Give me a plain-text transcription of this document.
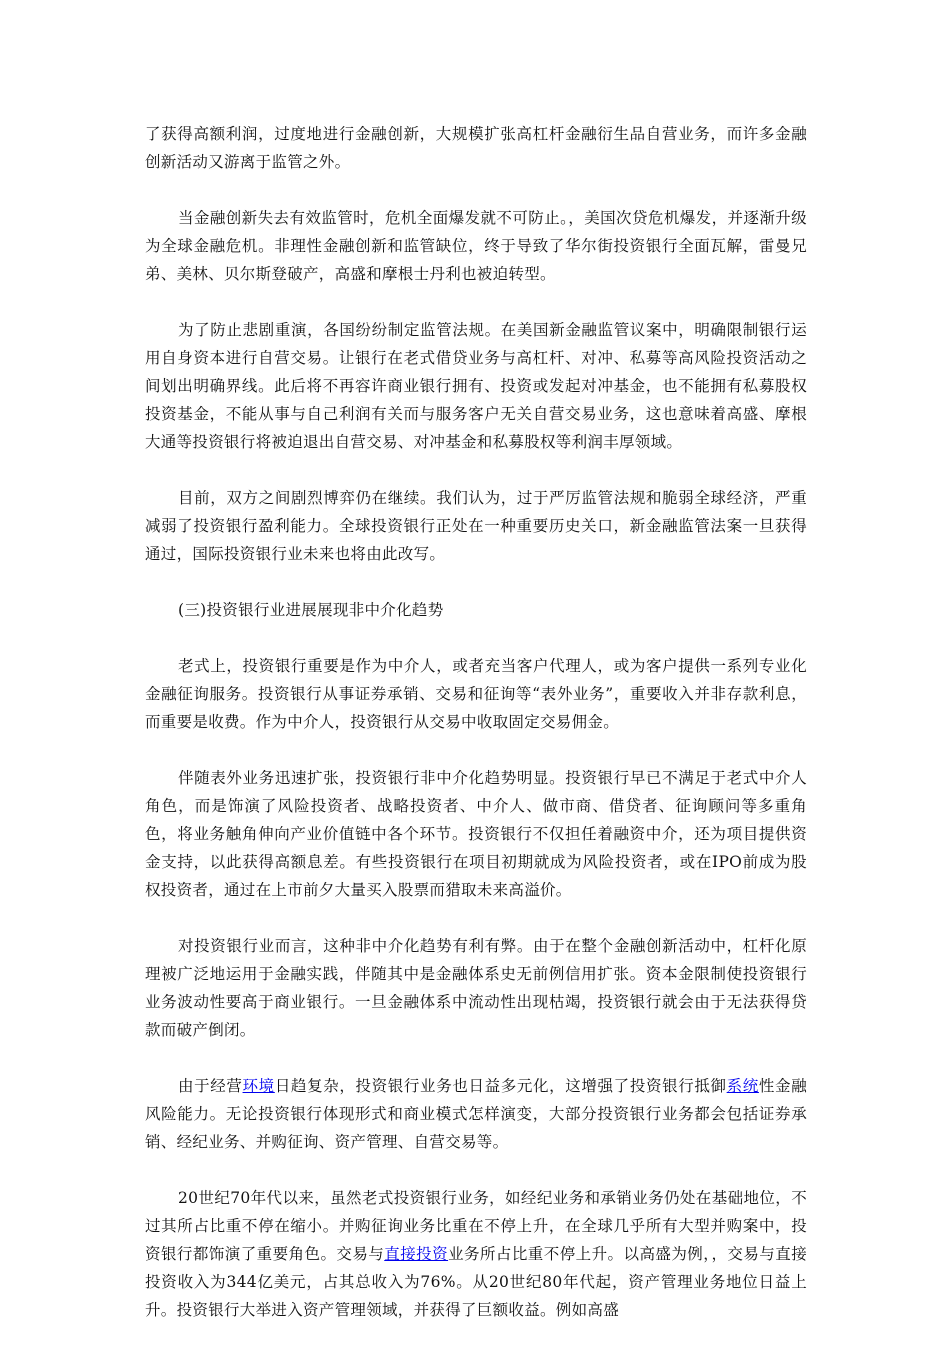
了获得高额利润，过度地进行金融创新，大规模扩张高杠杆金融衍生品自营业务，而许多金融创新活动又游离于监管之外。

当金融创新失去有效监管时，危机全面爆发就不可防止。，美国次贷危机爆发，并逐渐升级为全球金融危机。非理性金融创新和监管缺位，终于导致了华尔街投资银行全面瓦解，雷曼兄弟、美林、贝尔斯登破产，高盛和摩根士丹利也被迫转型。

为了防止悲剧重演，各国纷纷制定监管法规。在美国新金融监管议案中，明确限制银行运用自身资本进行自营交易。让银行在老式借贷业务与高杠杆、对冲、私募等高风险投资活动之间划出明确界线。此后将不再容许商业银行拥有、投资或发起对冲基金，也不能拥有私募股权投资基金，不能从事与自己利润有关而与服务客户无关自营交易业务，这也意味着高盛、摩根大通等投资银行将被迫退出自营交易、对冲基金和私募股权等利润丰厚领域。

目前，双方之间剧烈博弈仍在继续。我们认为，过于严厉监管法规和脆弱全球经济，严重减弱了投资银行盈利能力。全球投资银行正处在一种重要历史关口，新金融监管法案一旦获得通过，国际投资银行业未来也将由此改写。

(三)投资银行业进展展现非中介化趋势

老式上，投资银行重要是作为中介人，或者充当客户代理人，或为客户提供一系列专业化金融征询服务。投资银行从事证券承销、交易和征询等“表外业务”，重要收入并非存款利息，而重要是收费。作为中介人，投资银行从交易中收取固定交易佣金。

伴随表外业务迅速扩张，投资银行非中介化趋势明显。投资银行早已不满足于老式中介人角色，而是饰演了风险投资者、战略投资者、中介人、做市商、借贷者、征询顾问等多重角色，将业务触角伸向产业价值链中各个环节。投资银行不仅担任着融资中介，还为项目提供资金支持，以此获得高额息差。有些投资银行在项目初期就成为风险投资者，或在IPO前成为股权投资者，通过在上市前夕大量买入股票而猎取未来高溢价。

对投资银行业而言，这种非中介化趋势有利有弊。由于在整个金融创新活动中，杠杆化原理被广泛地运用于金融实践，伴随其中是金融体系史无前例信用扩张。资本金限制使投资银行业务波动性要高于商业银行。一旦金融体系中流动性出现枯竭，投资银行就会由于无法获得贷款而破产倒闭。

由于经营环境日趋复杂，投资银行业务也日益多元化，这增强了投资银行抵御系统性金融风险能力。无论投资银行体现形式和商业模式怎样演变，大部分投资银行业务都会包括证券承销、经纪业务、并购征询、资产管理、自营交易等。

20世纪70年代以来，虽然老式投资银行业务，如经纪业务和承销业务仍处在基础地位，不过其所占比重不停在缩小。并购征询业务比重在不停上升，在全球几乎所有大型并购案中，投资银行都饰演了重要角色。交易与直接投资业务所占比重不停上升。以高盛为例，，交易与直接投资收入为344亿美元，占其总收入为76%。从20世纪80年代起，资产管理业务地位日益上升。投资银行大举进入资产管理领域，并获得了巨额收益。例如高盛
